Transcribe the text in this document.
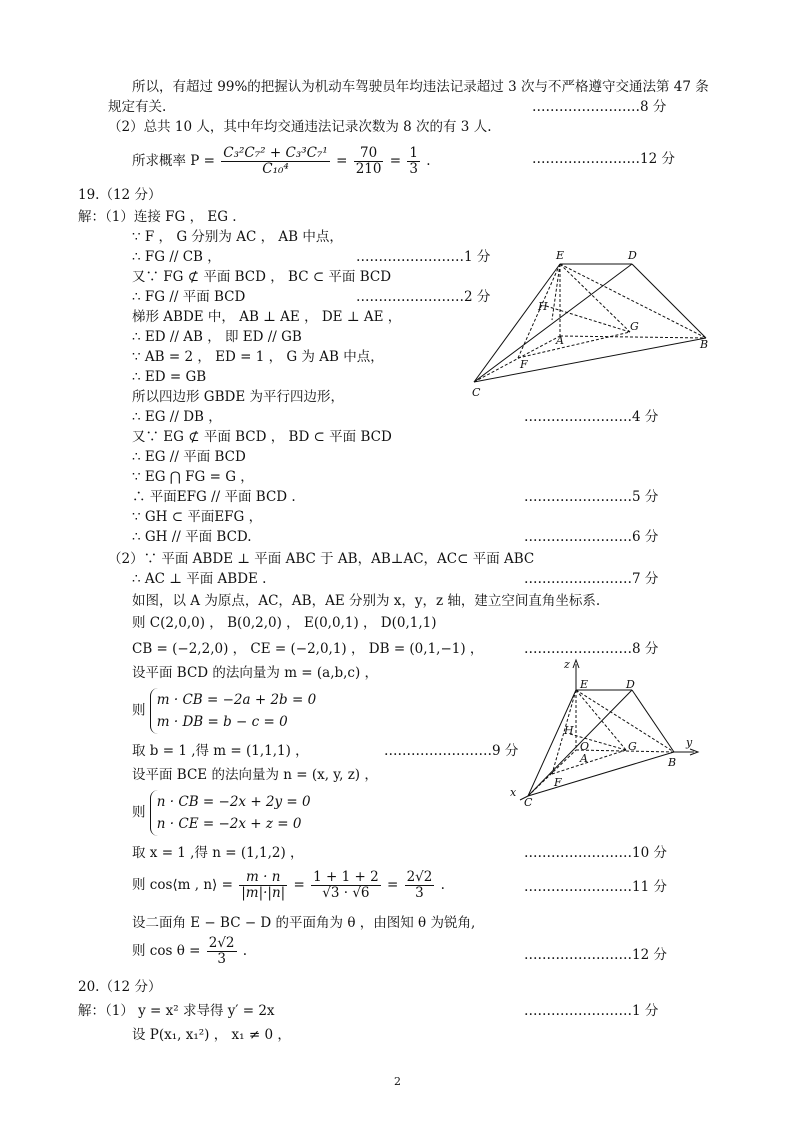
所以，有超过 99%的把握认为机动车驾驶员年均违法记录超过 3 次与不严格遵守交通法第 47 条
规定有关.	……………………8 分
（2）总共 10 人，其中年均交通违法记录次数为 8 次的有 3 人.
所求概率 $P = \frac{\text{C₃²C₇² + C₃³C₇¹}}{\text{C₁₀⁴}} = \frac{70}{210} = \frac{1}{3}$ .	……………………12 分
19.（12 分）
解：（1）连接 FG ， EG .
∵ F ， G 分别为 AC ， AB 中点，
∴ FG // CB ，	……………………1 分
又∵ FG ⊄ 平面 BCD ， BC ⊂ 平面 BCD
∴ FG // 平面 BCD	……………………2 分
梯形 ABDE 中， AB ⊥ AE ， DE ⊥ AE ，
∴ ED // AB ， 即 ED // GB
∵ AB = 2 ， ED = 1 ， G 为 AB 中点，
∴ ED = GB
所以四边形 GBDE 为平行四边形，
∴ EG // DB ，	……………………4 分
又∵ EG ⊄ 平面 BCD ， BD ⊂ 平面 BCD
∴ EG // 平面 BCD
∵ EG ⋂ FG = G ，
∴ 平面EFG // 平面 BCD .	……………………5 分
∵ GH ⊂ 平面EFG ，
∴ GH // 平面 BCD.	……………………6 分
（2）∵ 平面 ABDE ⊥ 平面 ABC 于 AB，AB⊥AC，AC⊂ 平面 ABC
∴ AC ⊥ 平面 ABDE .	……………………7 分
如图，以 A 为原点，AC，AB，AE 分别为 x，y，z 轴，建立空间直角坐标系.
则 C(2,0,0) ， B(0,2,0) ， E(0,0,1) ， D(0,1,1)
CB = (−2,2,0) ， CE = (−2,0,1) ， DB = (0,1,−1) ，	……………………8 分
设平面 BCD 的法向量为 m = (a,b,c) ，
则
m · CB = −2a + 2b = 0
m · DB = b − c = 0
取 b = 1 ,得 m = (1,1,1) ，	……………………9 分
设平面 BCE 的法向量为 n = (x, y, z) ，
则
n · CB = −2x + 2y = 0
n · CE = −2x + z = 0
取 x = 1 ,得 n = (1,1,2) ，	……………………10 分
则 cos⟨m , n⟩ = $\frac{m \cdot n}{|m|\cdot|n|} = \frac{1 + 1 + 2}{√3 \cdot √6} = \frac{2√2}{3}$ .	……………………11 分
设二面角 E − BC − D 的平面角为 θ ，由图知 θ 为锐角,
则 $\cos \theta = \frac{2√2}{3}$ .	……………………12 分
20.（12 分）
解：（1） y = x² 求导得 y′ = 2x	……………………1 分
设 P(x₁, x₁²) ， x₁ ≠ 0 ，
2
E	D
H
A
G
B
F
C
z
E	D
H
O
A
G	y
B
F
x
C
